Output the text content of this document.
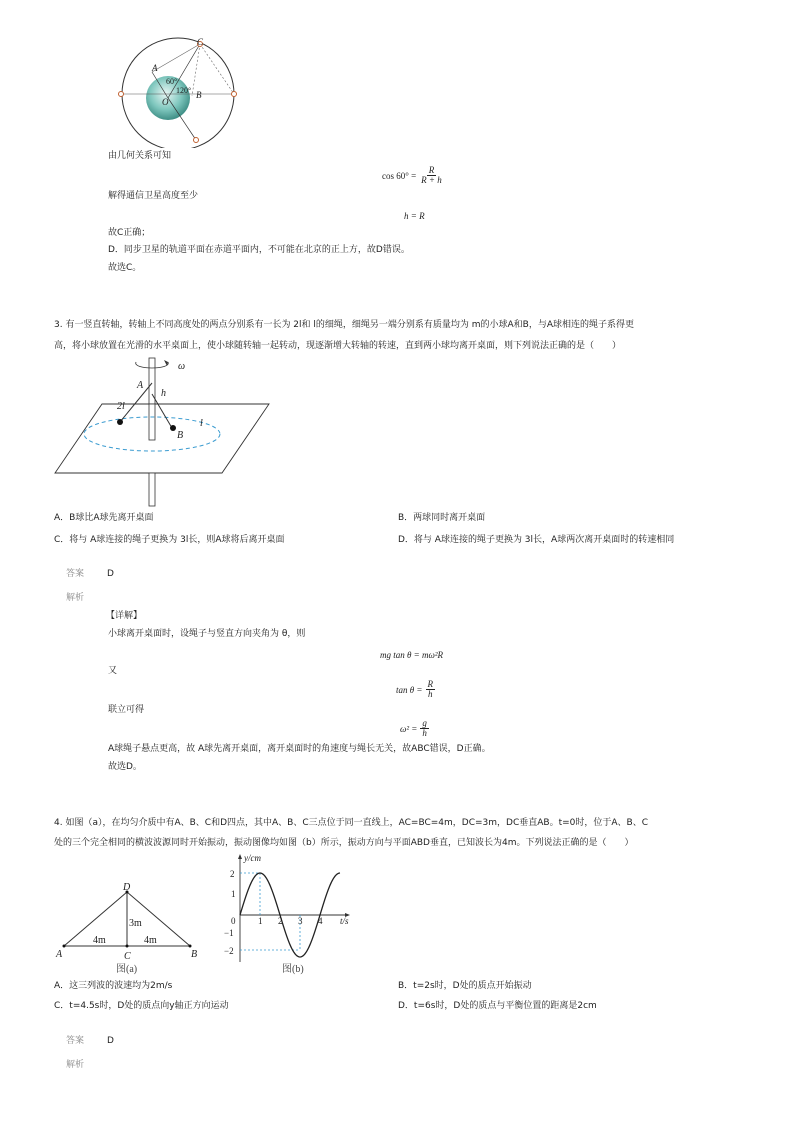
C
A
B
O
60°
120°
由几何关系可知
$\cos 60^\circ = \frac{R}{R + h}$
解得通信卫星高度至少
h = R
故C正确；
D．同步卫星的轨道平面在赤道平面内，不可能在北京的正上方，故D错误。
故选C。
3. 有一竖直转轴，转轴上不同高度处的两点分别系有一长为 2l和 l的细绳，细绳另一端分别系有质量均为 m的小球A和B，与A球相连的绳子系得更
高，将小球放置在光滑的水平桌面上，使小球随转轴一起转动，现逐渐增大转轴的转速，直到两小球均离开桌面，则下列说法正确的是（　　）
ω
A
h
2l
B
l
A．B球比A球先离开桌面	B．两球同时离开桌面
C．将与 A球连接的绳子更换为 3l长，则A球将后离开桌面	D．将与 A球连接的绳子更换为 3l长，A球两次离开桌面时的转速相同
答案	D
解析
【详解】
小球离开桌面时，设绳子与竖直方向夹角为 θ，则
mg tan θ = mω²R
又
$\tan \theta = \frac{R}{h}$
联立可得
$\omega^2 = \frac{g}{h}$
A球绳子悬点更高，故 A球先离开桌面，离开桌面时的角速度与绳长无关，故ABC错误，D正确。
故选D。
4. 如图（a），在均匀介质中有A、B、C和D四点，其中A、B、C三点位于同一直线上，AC=BC=4m，DC=3m，DC垂直AB。t=0时，位于A、B、C
处的三个完全相同的横波波源同时开始振动，振动图像均如图（b）所示，振动方向与平面ABD垂直，已知波长为4m。下列说法正确的是（　　）
D
A	B
C
4m	4m
3m
图(a)
2
1
0
−1
−2
1 2 3 4
y/cm
t/s
图(b)
A．这三列波的波速均为2m/s	B．t=2s时，D处的质点开始振动
C．t=4.5s时，D处的质点向y轴正方向运动	D．t=6s时，D处的质点与平衡位置的距离是2cm
答案	D
解析
